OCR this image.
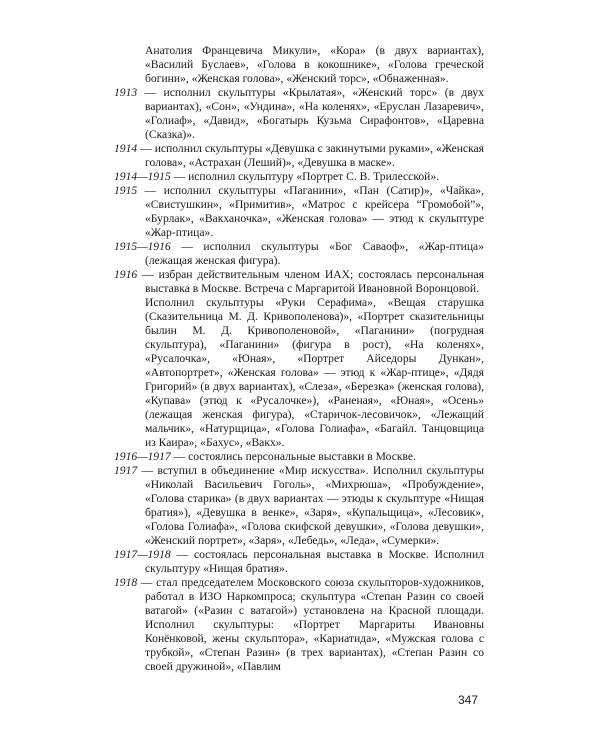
Анатолия Францевича Микули», «Кора» (в двух вариантах), «Василий Буслаев», «Голова в кокошнике», «Голова греческой богини», «Женская голова», «Женский торс», «Обнаженная».
1913 — исполнил скульптуры «Крылатая», «Женский торс» (в двух вариантах), «Сон», «Ундина», «На коленях», «Еруслан Лазаревич», «Голиаф», «Давид», «Богатырь Кузьма Сирафонтов», «Царевна (Сказка)».
1914 — исполнил скульптуры «Девушка с закинутыми руками», «Женская голова», «Астрахан (Леший)», «Девушка в маске».
1914—1915 — исполнил скульптуру «Портрет С. В. Трилесской».
1915 — исполнил скульптуры «Паганини», «Пан (Сатир)», «Чайка», «Свистушкин», «Примитив», «Матрос с крейсера “Громобой”», «Бурлак», «Вакханочка», «Женская голова» — этюд к скульптуре «Жар-птица».
1915—1916 — исполнил скульптуры «Бог Саваоф», «Жар-птица» (лежащая женская фигура).
1916 — избран действительным членом ИАХ; состоялась персональная выставка в Москве. Встреча с Маргаритой Ивановной Воронцовой.
Исполнил скульптуры «Руки Серафима», «Вещая старушка (Сказительница М. Д. Кривополенова)», «Портрет сказительницы былин М. Д. Кривополеновой», «Паганини» (погрудная скульптура), «Паганини» (фигура в рост), «На коленях», «Русалочка», «Юная», «Портрет Айседоры Дункан», «Автопортрет», «Женская голова» — этюд к «Жар-птице», «Дядя Григорий» (в двух вариантах), «Слеза», «Березка» (женская голова), «Купава» (этюд к «Русалочке»), «Раненая», «Юная», «Осень» (лежащая женская фигура), «Старичок-лесовичок», «Лежащий мальчик», «Натурщица», «Голова Голиафа», «Багайл. Танцовщица из Каира», «Бахус», «Вакх».
1916—1917 — состоялись персональные выставки в Москве.
1917 — вступил в объединение «Мир искусства». Исполнил скульптуры «Николай Васильевич Гоголь», «Михрюша», «Пробуждение», «Голова старика» (в двух вариантах — этюды к скульптуре «Нищая братия»), «Девушка в венке», «Заря», «Купальщица», «Лесовик», «Голова Голиафа», «Голова скифской девушки», «Голова девушки», «Женский портрет», «Заря», «Лебедь», «Леда», «Сумерки».
1917—1918 — состоялась персональная выставка в Москве. Исполнил скульптуру «Нищая братия».
1918 — стал председателем Московского союза скульпторов-художников, работал в ИЗО Наркомпроса; скульптура «Степан Разин со своей ватагой» («Разин с ватагой») установлена на Красной площади. Исполнил скульптуры: «Портрет Маргариты Ивановны Конёнковой, жены скульптора», «Кариатида», «Мужская голова с трубкой», «Степан Разин» (в трех вариантах), «Степан Разин со своей дружиной», «Павлим
347
